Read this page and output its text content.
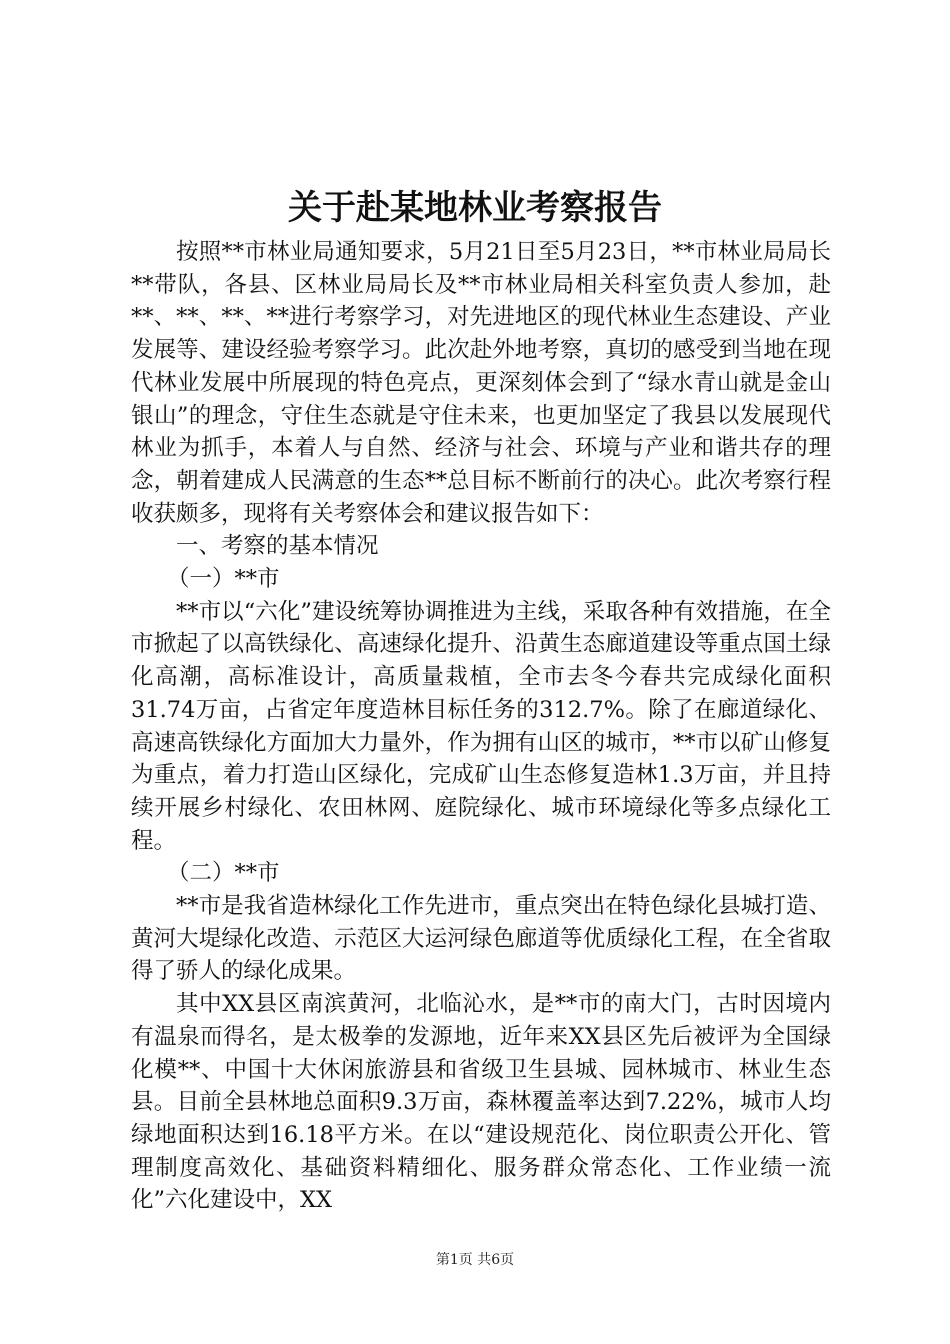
关于赴某地林业考察报告

按照**市林业局通知要求，5月21日至5月23日，**市林业局局长**带队，各县、区林业局局长及**市林业局相关科室负责人参加，赴**、**、**、**进行考察学习，对先进地区的现代林业生态建设、产业发展等、建设经验考察学习。此次赴外地考察，真切的感受到当地在现代林业发展中所展现的特色亮点，更深刻体会到了“绿水青山就是金山银山”的理念，守住生态就是守住未来，也更加坚定了我县以发展现代林业为抓手，本着人与自然、经济与社会、环境与产业和谐共存的理念，朝着建成人民满意的生态**总目标不断前行的决心。此次考察行程收获颇多，现将有关考察体会和建议报告如下：

一、考察的基本情况

（一）**市

**市以“六化”建设统筹协调推进为主线，采取各种有效措施，在全市掀起了以高铁绿化、高速绿化提升、沿黄生态廊道建设等重点国土绿化高潮，高标准设计，高质量栽植，全市去冬今春共完成绿化面积31.74万亩，占省定年度造林目标任务的312.7%。除了在廊道绿化、高速高铁绿化方面加大力量外，作为拥有山区的城市，**市以矿山修复为重点，着力打造山区绿化，完成矿山生态修复造林1.3万亩，并且持续开展乡村绿化、农田林网、庭院绿化、城市环境绿化等多点绿化工程。

（二）**市

**市是我省造林绿化工作先进市，重点突出在特色绿化县城打造、黄河大堤绿化改造、示范区大运河绿色廊道等优质绿化工程，在全省取得了骄人的绿化成果。

其中XX县区南滨黄河，北临沁水，是**市的南大门，古时因境内有温泉而得名，是太极拳的发源地，近年来XX县区先后被评为全国绿化模**、中国十大休闲旅游县和省级卫生县城、园林城市、林业生态县。目前全县林地总面积9.3万亩，森林覆盖率达到7.22%，城市人均绿地面积达到16.18平方米。在以“建设规范化、岗位职责公开化、管理制度高效化、基础资料精细化、服务群众常态化、工作业绩一流化”六化建设中，XX

第1页 共6页
